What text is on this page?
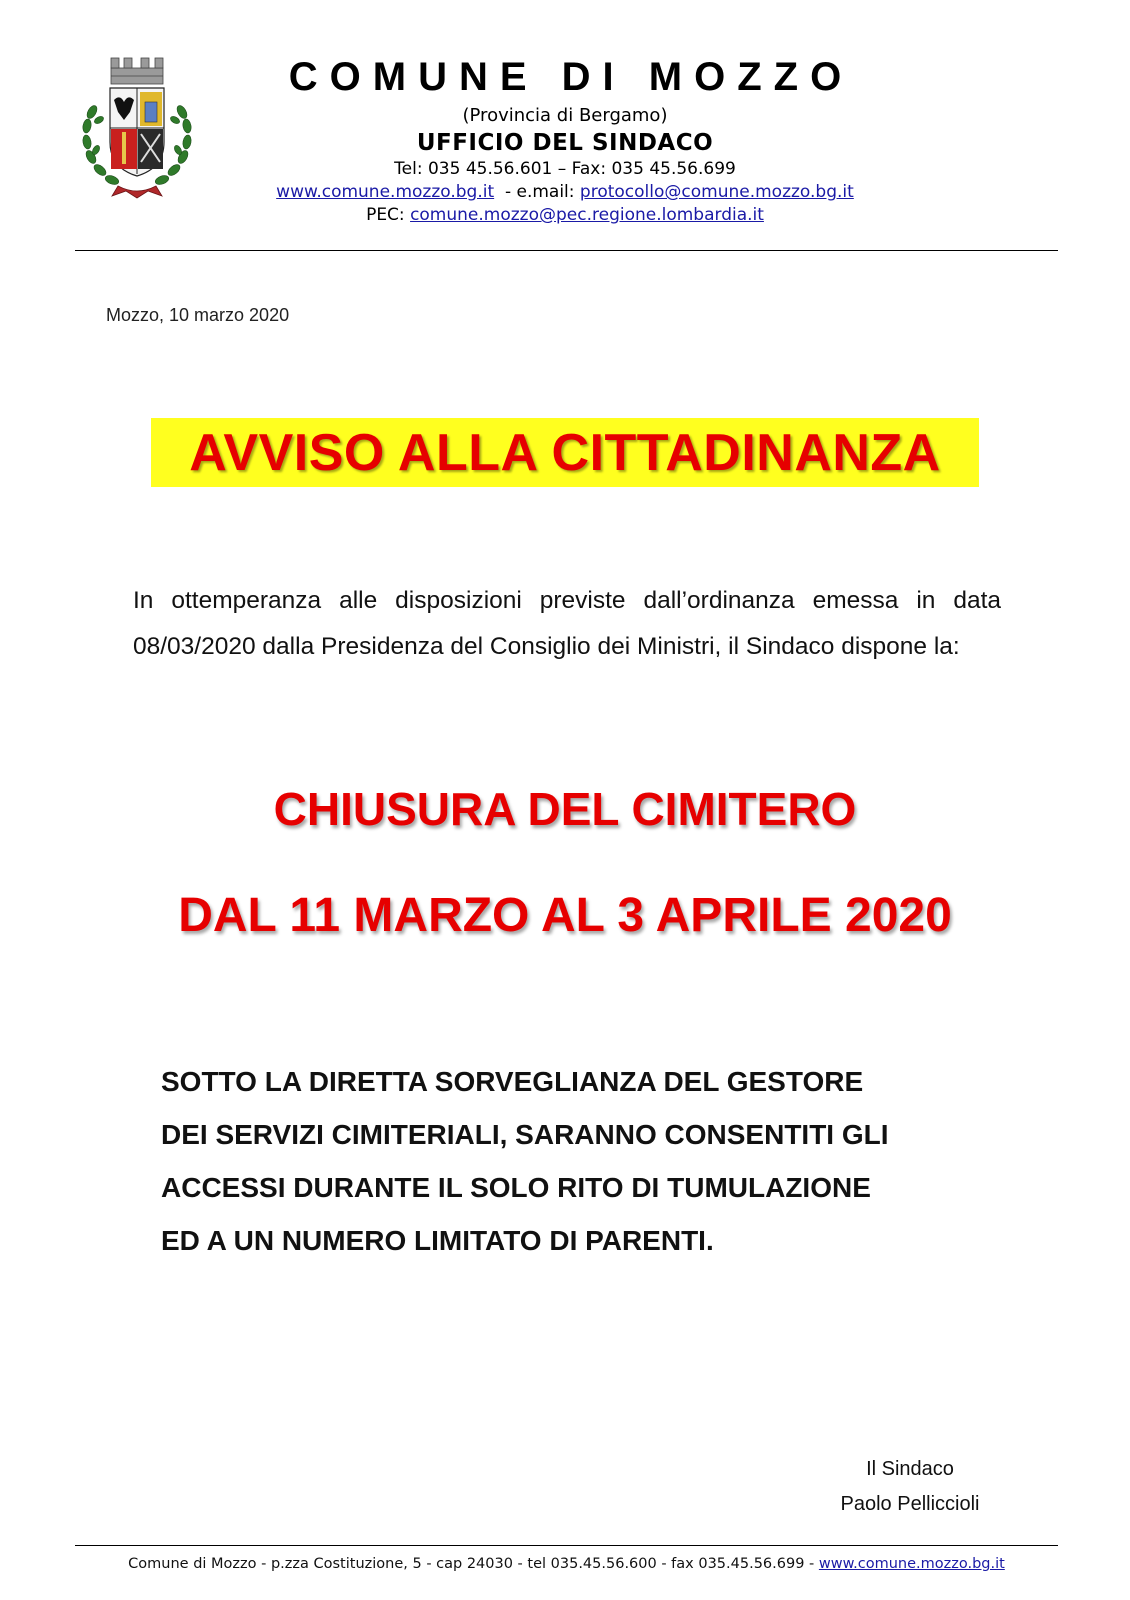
COMUNE DI MOZZO
(Provincia di Bergamo)
UFFICIO DEL SINDACO
Tel: 035 45.56.601 – Fax: 035 45.56.699
www.comune.mozzo.bg.it - e.mail: protocollo@comune.mozzo.bg.it
PEC: comune.mozzo@pec.regione.lombardia.it
Mozzo, 10 marzo 2020
AVVISO ALLA CITTADINANZA
In ottemperanza alle disposizioni previste dall’ordinanza emessa in data 08/03/2020 dalla Presidenza del Consiglio dei Ministri, il Sindaco dispone la:
CHIUSURA DEL CIMITERO
DAL 11 MARZO AL 3 APRILE 2020
SOTTO LA DIRETTA SORVEGLIANZA DEL GESTORE
DEI SERVIZI CIMITERIALI, SARANNO CONSENTITI GLI
ACCESSI DURANTE IL SOLO RITO DI TUMULAZIONE
ED A UN NUMERO LIMITATO DI PARENTI.
Il Sindaco
Paolo Pelliccioli
Comune di Mozzo - p.zza Costituzione, 5 - cap 24030 - tel 035.45.56.600 - fax 035.45.56.699 - www.comune.mozzo.bg.it
